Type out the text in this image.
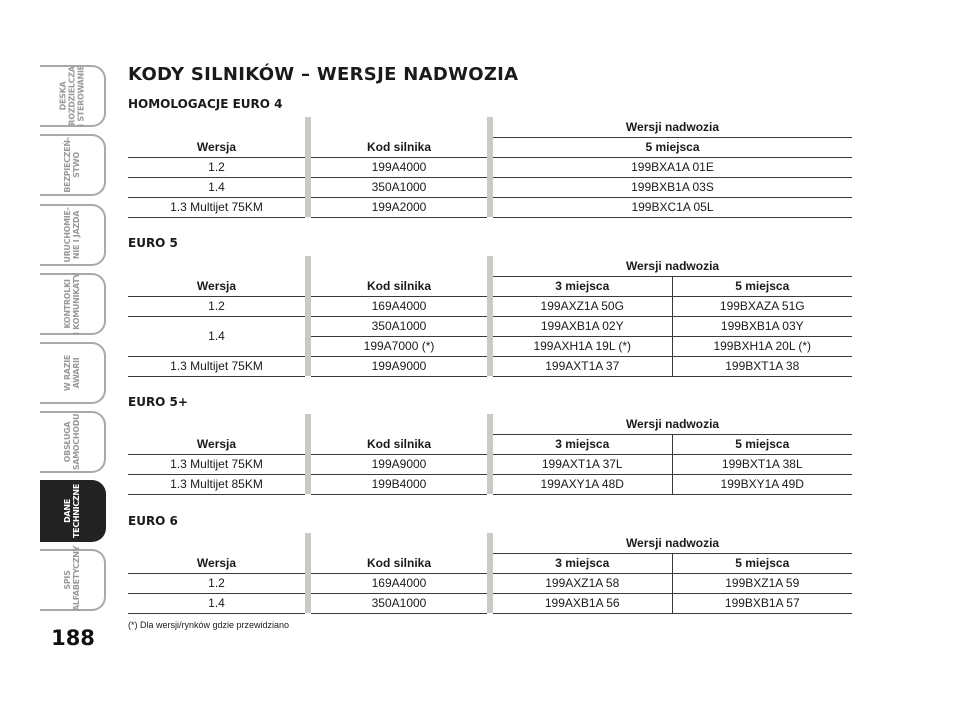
DESKA
ROZDZIELCZA
I STEROWANIE
BEZPIECZEŃ-
STWO
URUCHOMIE-
NIE I JAZDA
KONTROLKI
I KOMUNIKATY
W RAZIE
AWARII
OBSŁUGA
SAMOCHODU
DANE
TECHNICZNE
SPIS
ALFABETYCZNY
188
KODY SILNIKÓW – WERSJE NADWOZIA
HOMOLOGACJE EURO 4
				Wersji nadwozia
Wersja		Kod silnika		5 miejsca
1.2		199A4000		199BXA1A 01E
1.4		350A1000		199BXB1A 03S
1.3 Multijet 75KM		199A2000		199BXC1A 05L
EURO 5
				Wersji nadwozia	
Wersja		Kod silnika		3 miejsca	5 miejsca
1.2		169A4000		199AXZ1A 50G	199BXAZA 51G
1.4		350A1000		199AXB1A 02Y	199BXB1A 03Y
		199A7000 (*)		199AXH1A 19L (*)	199BXH1A 20L (*)
1.3 Multijet 75KM		199A9000		199AXT1A 37	199BXT1A 38
EURO 5+
				Wersji nadwozia	
Wersja		Kod silnika		3 miejsca	5 miejsca
1.3 Multijet 75KM		199A9000		199AXT1A 37L	199BXT1A 38L
1.3 Multijet 85KM		199B4000		199AXY1A 48D	199BXY1A 49D
EURO 6
				Wersji nadwozia	
Wersja		Kod silnika		3 miejsca	5 miejsca
1.2		169A4000		199AXZ1A 58	199BXZ1A 59
1.4		350A1000		199AXB1A 56	199BXB1A 57
(*) Dla wersji/rynków gdzie przewidziano
